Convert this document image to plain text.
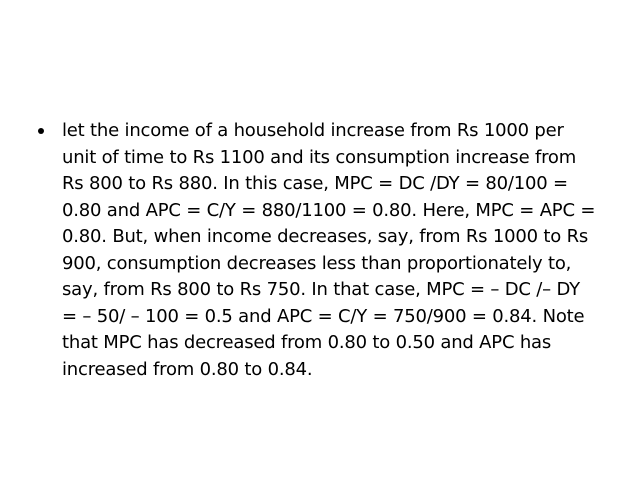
let the income of a household increase from Rs 1000 per unit of time to Rs 1100 and its consumption increase from Rs 800 to Rs 880. In this case, MPC = DC /DY = 80/100 = 0.80 and APC = C/Y = 880/1100 = 0.80. Here, MPC = APC = 0.80. But, when income decreases, say, from Rs 1000 to Rs 900, consumption decreases less than proportionately to, say, from Rs 800 to Rs 750. In that case, MPC = – DC /– DY = – 50/ – 100 = 0.5 and APC = C/Y = 750/900 = 0.84. Note that MPC has decreased from 0.80 to 0.50 and APC has increased from 0.80 to 0.84.
